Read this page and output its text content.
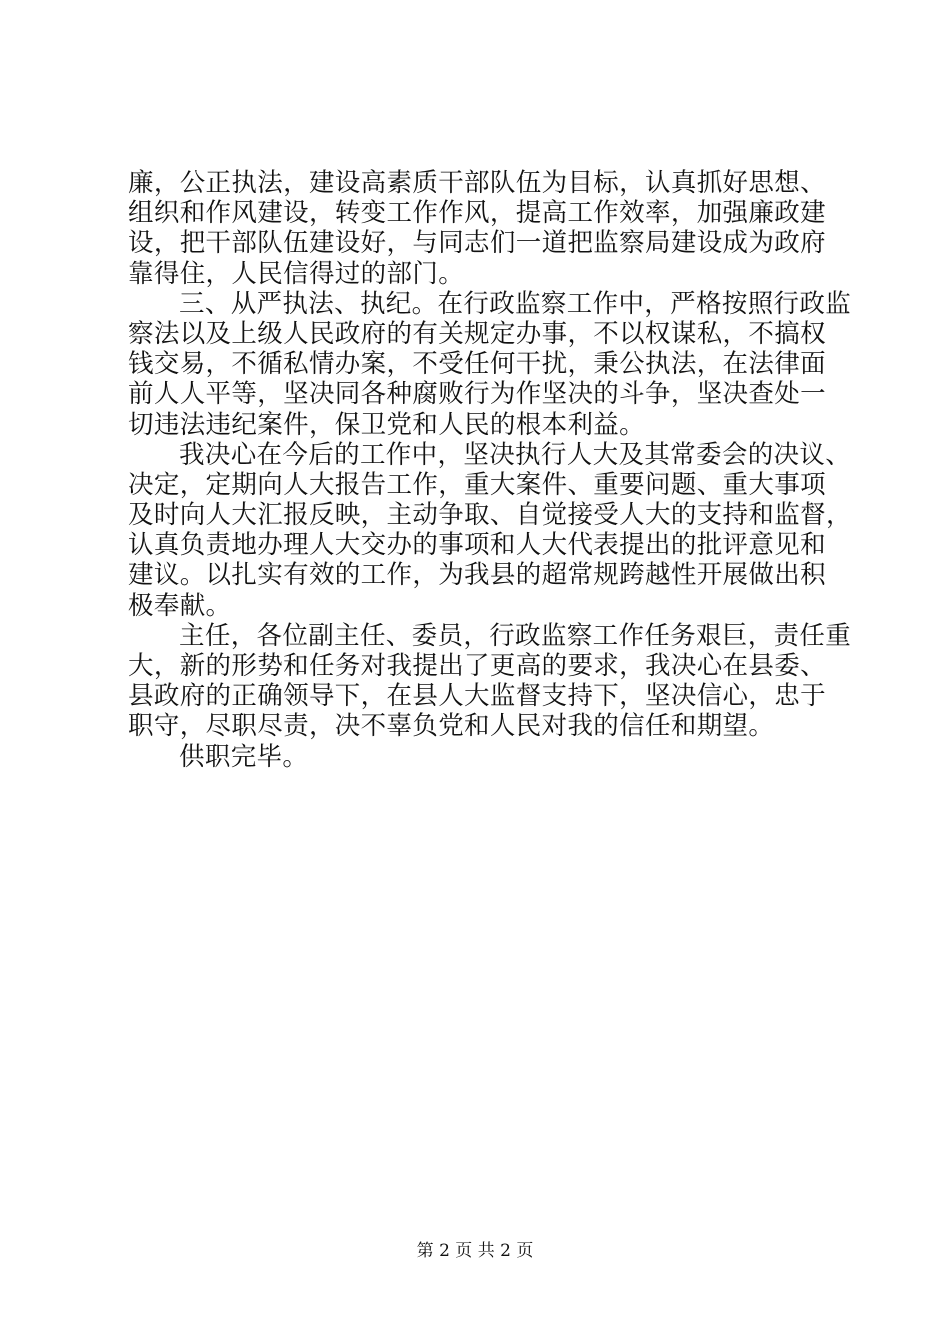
廉，公正执法，建设高素质干部队伍为目标，认真抓好思想、
组织和作风建设，转变工作作风，提高工作效率，加强廉政建
设，把干部队伍建设好，与同志们一道把监察局建设成为政府
靠得住，人民信得过的部门。
三、从严执法、执纪。在行政监察工作中，严格按照行政监
察法以及上级人民政府的有关规定办事，不以权谋私，不搞权
钱交易，不循私情办案，不受任何干扰，秉公执法，在法律面
前人人平等，坚决同各种腐败行为作坚决的斗争，坚决查处一
切违法违纪案件，保卫党和人民的根本利益。
我决心在今后的工作中，坚决执行人大及其常委会的决议、
决定，定期向人大报告工作，重大案件、重要问题、重大事项
及时向人大汇报反映，主动争取、自觉接受人大的支持和监督，
认真负责地办理人大交办的事项和人大代表提出的批评意见和
建议。以扎实有效的工作，为我县的超常规跨越性开展做出积
极奉献。
主任，各位副主任、委员，行政监察工作任务艰巨，责任重
大，新的形势和任务对我提出了更高的要求，我决心在县委、
县政府的正确领导下，在县人大监督支持下，坚决信心，忠于
职守，尽职尽责，决不辜负党和人民对我的信任和期望。
供职完毕。
第 2 页 共 2 页
